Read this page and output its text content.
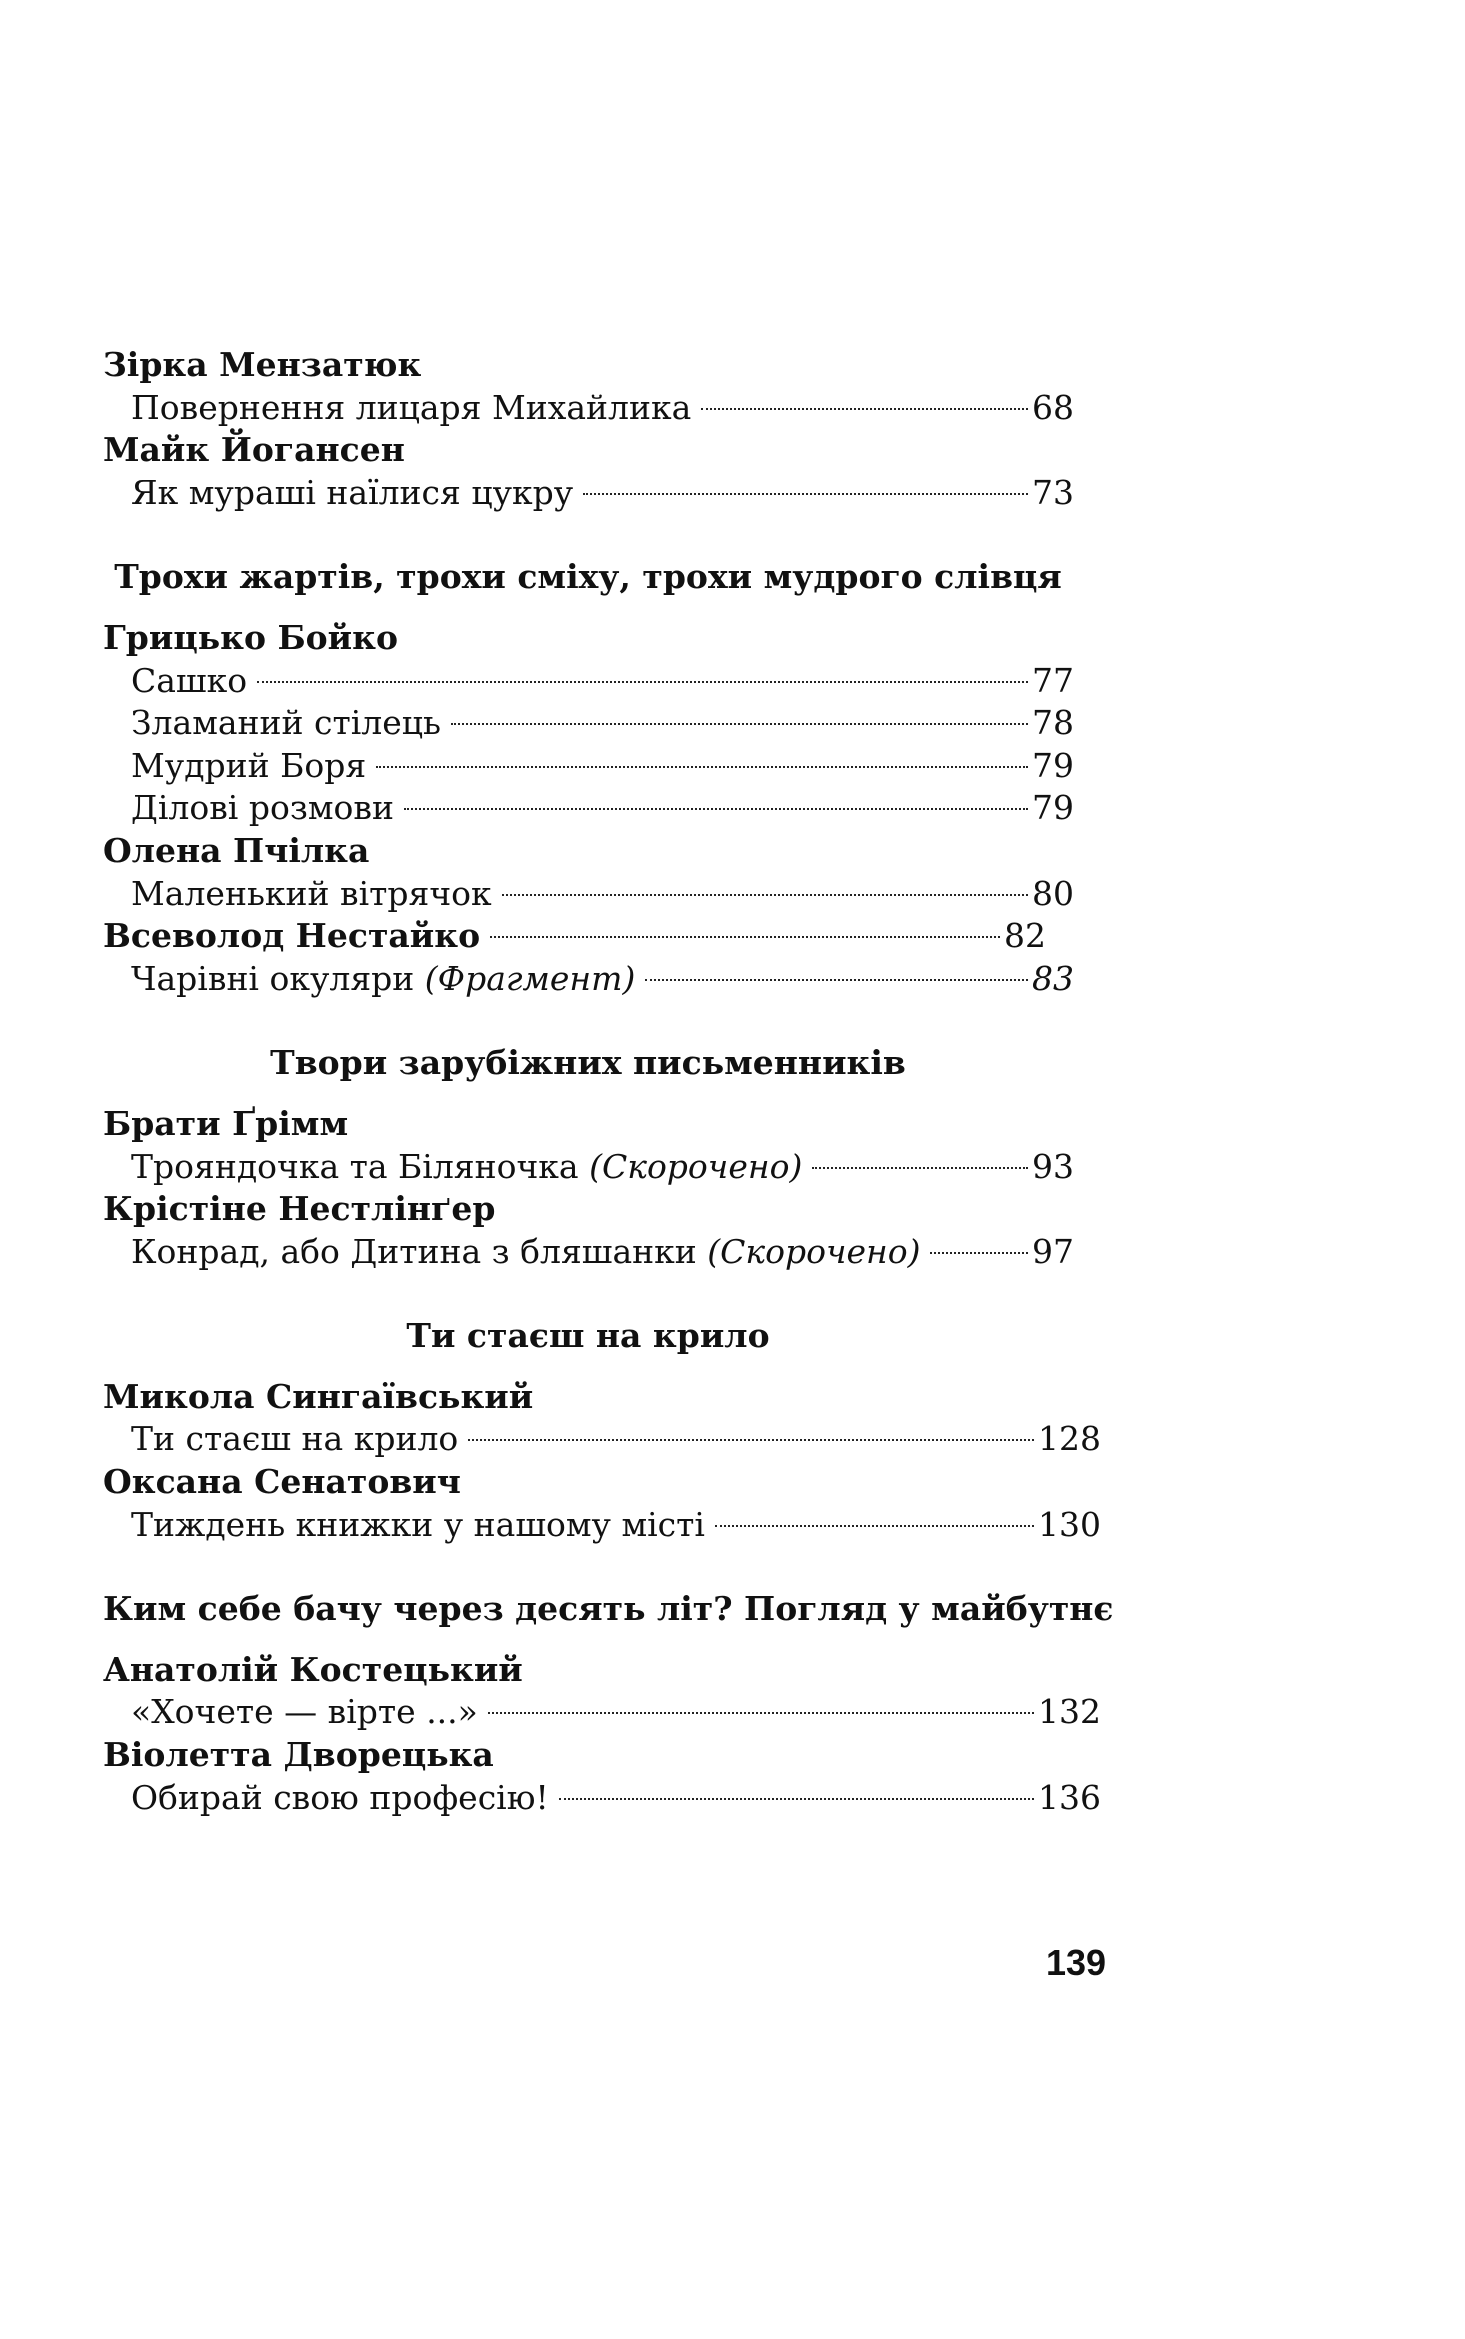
Зірка Мензатюк
Повернення лицаря Михайлика	68
Майк Йогансен
Як мураші наїлися цукру	73
Трохи жартів, трохи сміху, трохи мудрого слівця
Грицько Бойко
Сашко	77
Зламаний стілець	78
Мудрий Боря	79
Ділові розмови	79
Олена Пчілка
Маленький вітрячок	80
Всеволод Нестайко	82
Чарівні окуляри (Фрагмент)	83
Твори зарубіжних письменників
Брати Ґрімм
Трояндочка та Біляночка (Скорочено)	93
Крістіне Нестлінґер
Конрад, або Дитина з бляшанки (Скорочено)	97
Ти стаєш на крило
Микола Сингаївський
Ти стаєш на крило	128
Оксана Сенатович
Тиждень книжки у нашому місті	130
Ким себе бачу через десять літ? Погляд у майбутнє
Анатолій Костецький
«Хочете — вірте ...»	132
Віолетта Дворецька
Обирай свою професію!	136
139
